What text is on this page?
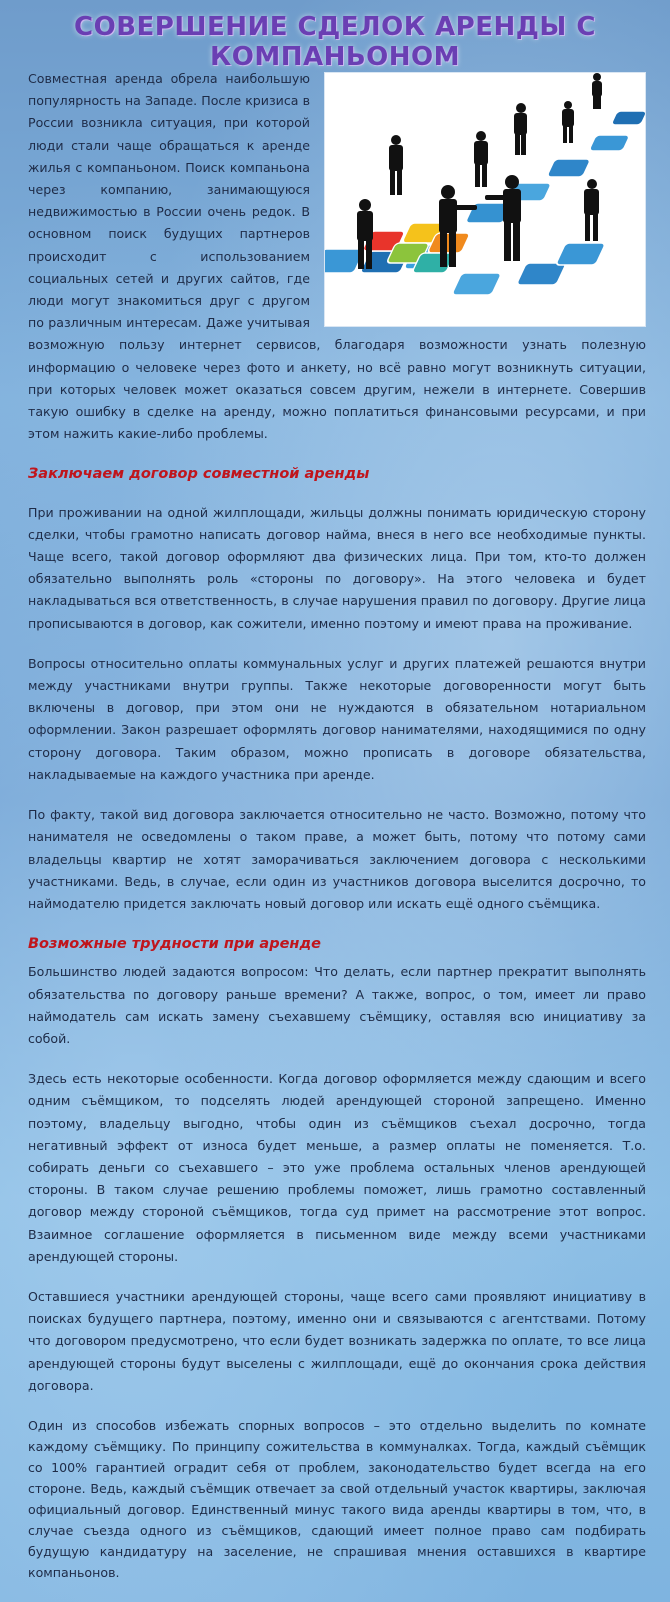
СОВЕРШЕНИЕ СДЕЛОК АРЕНДЫ С КОМПАНЬОНОМ

Совместная аренда обрела наибольшую популярность на Западе. После кризиса в России возникла ситуация, при которой люди стали чаще обращаться к аренде жилья с компаньоном. Поиск компаньона через компанию, занимающуюся недвижимостью в России очень редок. В основном поиск будущих партнеров происходит с использованием социальных сетей и других сайтов, где люди могут знакомиться друг с другом по различным интересам. Даже учитывая возможную пользу интернет сервисов, благодаря возможности узнать полезную информацию о человеке через фото и анкету, но всё равно могут возникнуть ситуации, при которых человек может оказаться совсем другим, нежели в интернете. Совершив такую ошибку в сделке на аренду, можно поплатиться финансовыми ресурсами, и при этом нажить какие-либо проблемы.

Заключаем договор совместной аренды

При проживании на одной жилплощади, жильцы должны понимать юридическую сторону сделки, чтобы грамотно написать договор найма, внеся в него все необходимые пункты. Чаще всего, такой договор оформляют два физических лица. При том, кто-то должен обязательно выполнять роль «стороны по договору». На этого человека и будет накладываться вся ответственность, в случае нарушения правил по договору. Другие лица прописываются в договор, как сожители, именно поэтому и имеют права на проживание.

Вопросы относительно оплаты коммунальных услуг и других платежей решаются внутри между участниками внутри группы. Также некоторые договоренности могут быть включены в договор, при этом они не нуждаются в обязательном нотариальном оформлении. Закон разрешает оформлять договор нанимателями, находящимися по одну сторону договора. Таким образом, можно прописать в договоре обязательства, накладываемые на каждого участника при аренде.

По факту, такой вид договора заключается относительно не часто. Возможно, потому что нанимателя не осведомлены о таком праве, а может быть, потому что потому сами владельцы квартир не хотят заморачиваться заключением договора с несколькими участниками. Ведь, в случае, если один из участников договора выселится досрочно, то наймодателю придется заключать новый договор или искать ещё одного съёмщика.

Возможные трудности при аренде

Большинство людей задаются вопросом: Что делать, если партнер прекратит выполнять обязательства по договору раньше времени? А также, вопрос, о том, имеет ли право наймодатель сам искать замену съехавшему съёмщику, оставляя всю инициативу за собой.

Здесь есть некоторые особенности. Когда договор оформляется между сдающим и всего одним съёмщиком, то подселять людей арендующей стороной запрещено. Именно поэтому, владельцу выгодно, чтобы один из съёмщиков съехал досрочно, тогда негативный эффект от износа будет меньше, а размер оплаты не поменяется. Т.о. собирать деньги со съехавшего – это уже проблема остальных членов арендующей стороны. В таком случае решению проблемы поможет, лишь грамотно составленный договор между стороной съёмщиков, тогда суд примет на рассмотрение этот вопрос. Взаимное соглашение оформляется в письменном виде между всеми участниками арендующей стороны.

Оставшиеся участники арендующей стороны, чаще всего сами проявляют инициативу в поисках будущего партнера, поэтому, именно они и связываются с агентствами. Потому что договором предусмотрено, что если будет возникать задержка по оплате, то все лица арендующей стороны будут выселены с жилплощади, ещё до окончания срока действия договора.

Один из способов избежать спорных вопросов – это отдельно выделить по комнате каждому съёмщику. По принципу сожительства в коммуналках. Тогда, каждый съёмщик со 100% гарантией оградит себя от проблем, законодательство будет всегда на его стороне. Ведь, каждый съёмщик отвечает за свой отдельный участок квартиры, заключая официальный договор. Единственный минус такого вида аренды квартиры в том, что, в случае съезда одного из съёмщиков, сдающий имеет полное право сам подбирать будущую кандидатуру на заселение, не спрашивая мнения оставшихся в квартире компаньонов.
